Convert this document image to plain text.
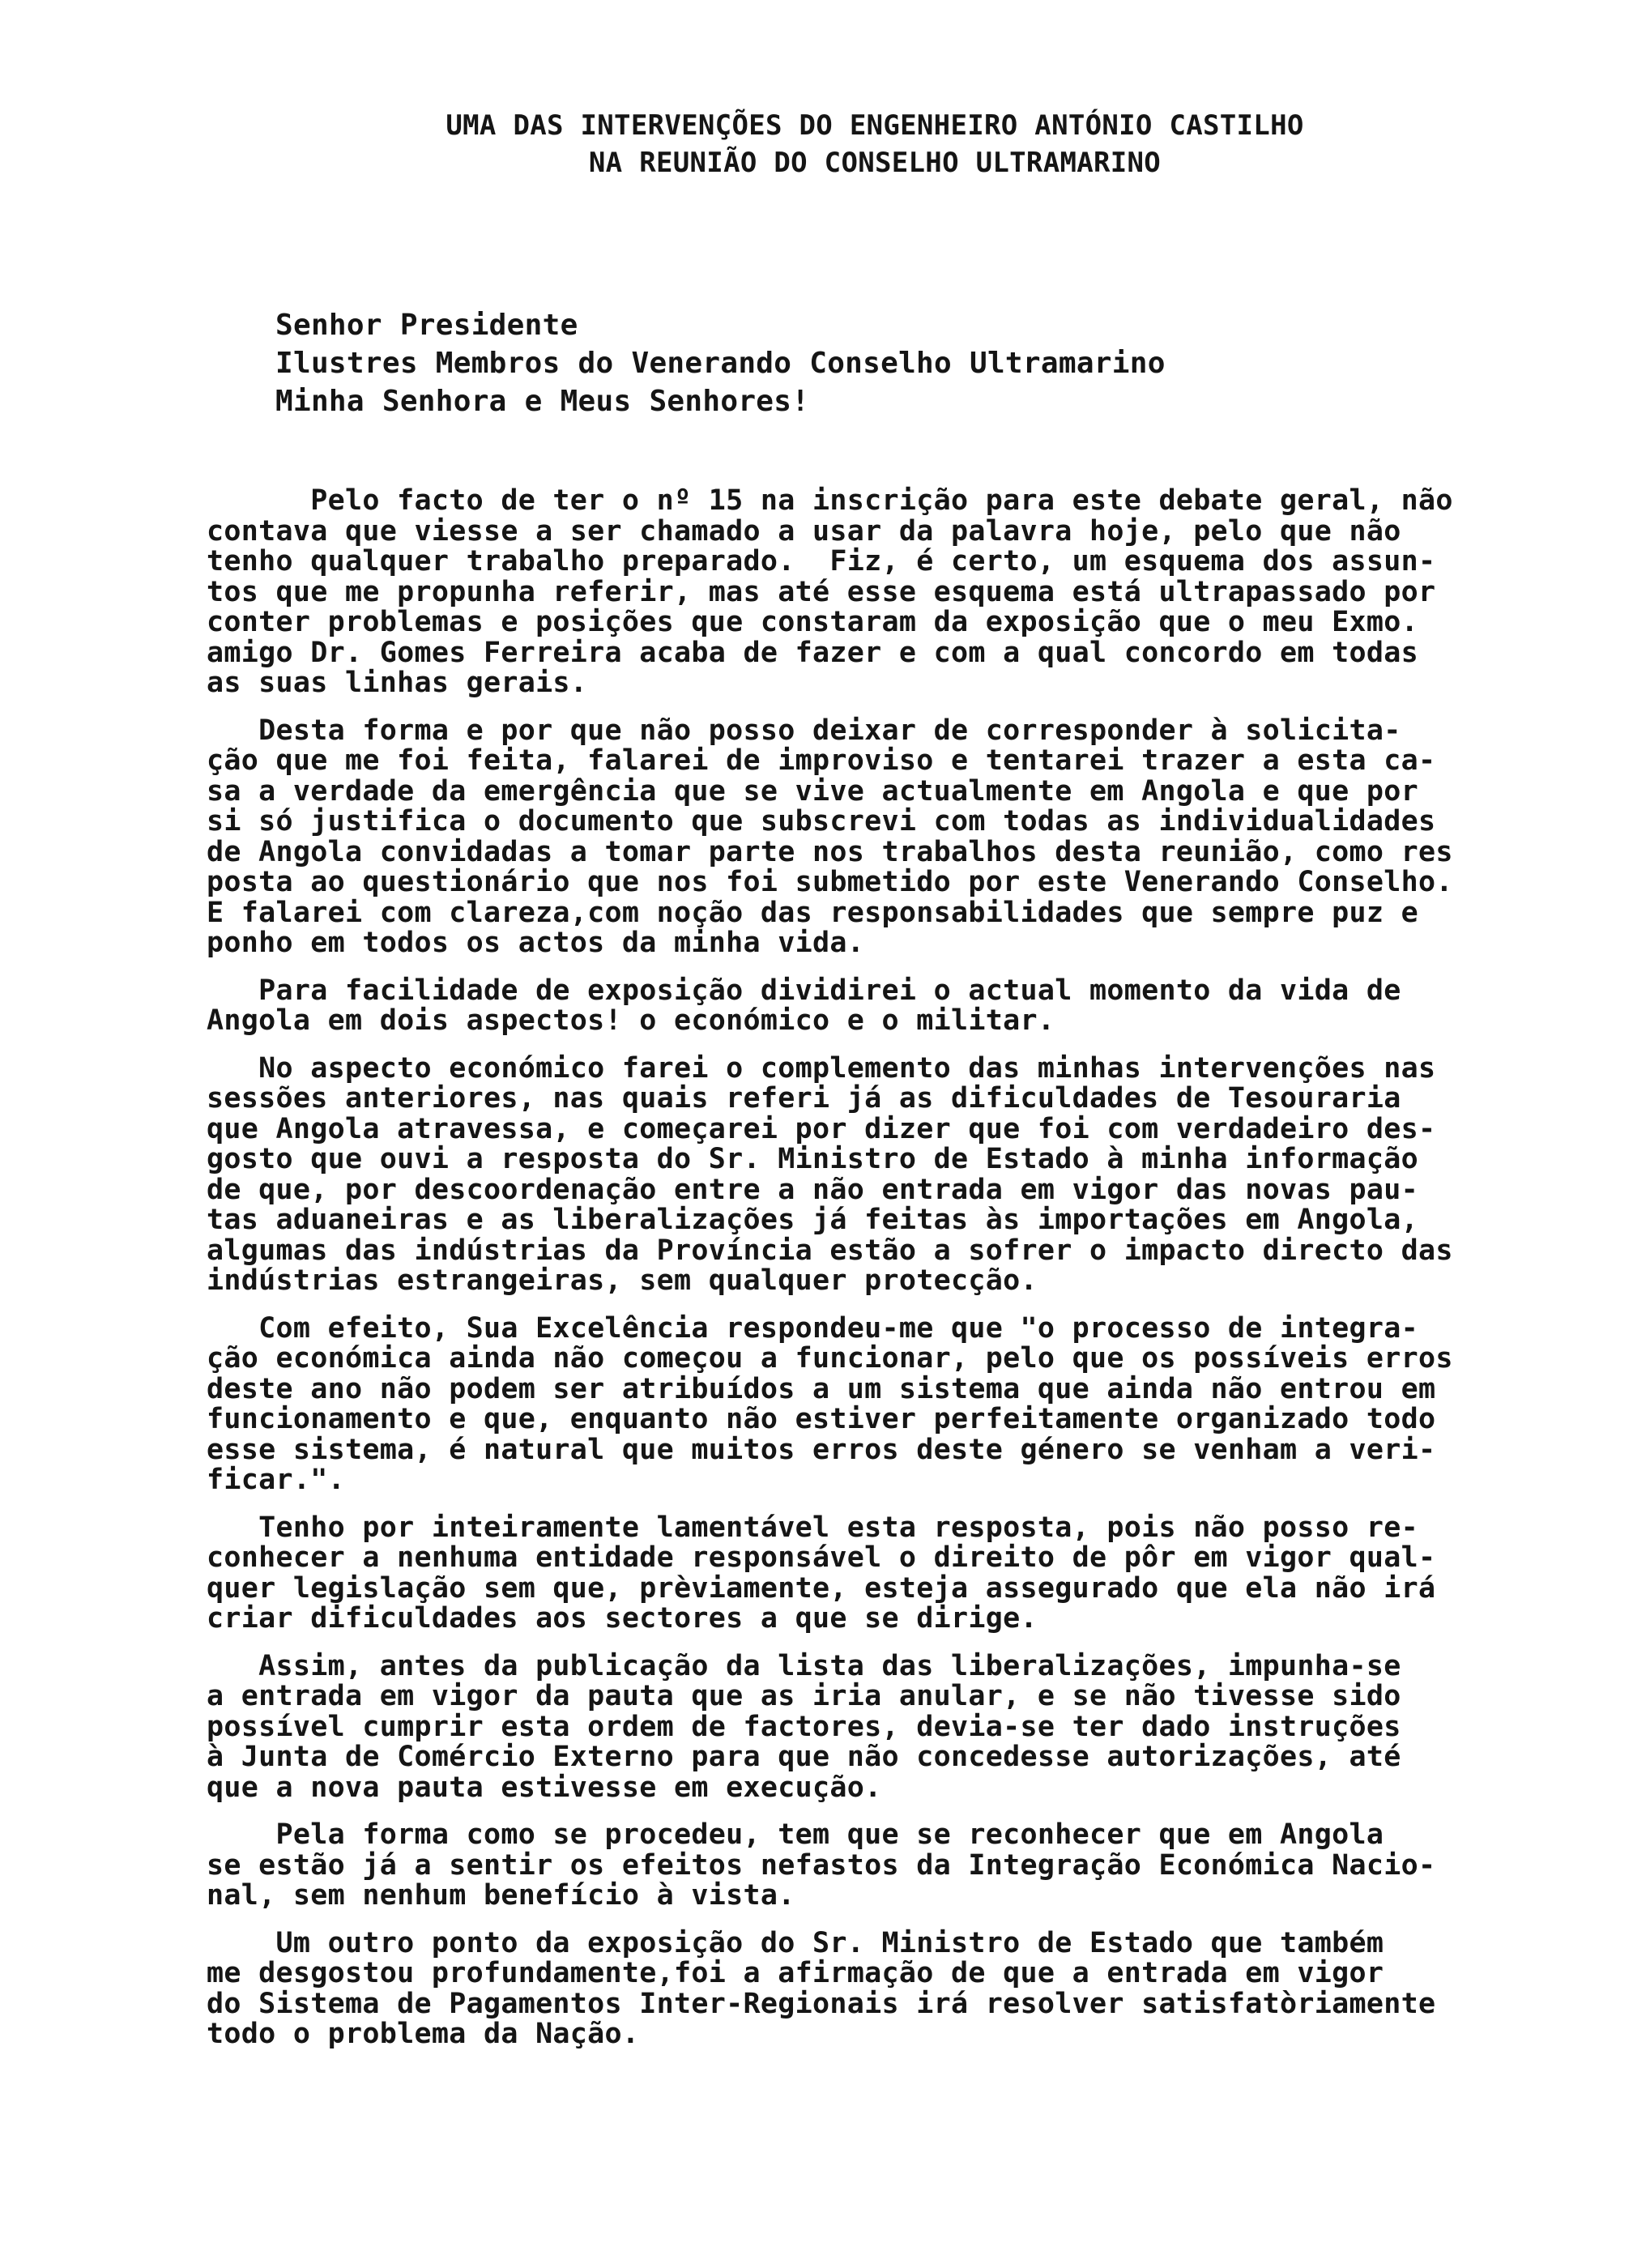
UMA DAS INTERVENÇÕES DO ENGENHEIRO ANTÓNIO CASTILHO
NA REUNIÃO DO CONSELHO ULTRAMARINO
Senhor Presidente
Ilustres Membros do Venerando Conselho Ultramarino
Minha Senhora e Meus Senhores!
Pelo facto de ter o nº 15 na inscrição para este debate geral, não
contava que viesse a ser chamado a usar da palavra hoje, pelo que não
tenho qualquer trabalho preparado.  Fiz, é certo, um esquema dos assun-
tos que me propunha referir, mas até esse esquema está ultrapassado por
conter problemas e posições que constaram da exposição que o meu Exmo.
amigo Dr. Gomes Ferreira acaba de fazer e com a qual concordo em todas
as suas linhas gerais.
Desta forma e por que não posso deixar de corresponder à solicita-
ção que me foi feita, falarei de improviso e tentarei trazer a esta ca-
sa a verdade da emergência que se vive actualmente em Angola e que por
si só justifica o documento que subscrevi com todas as individualidades
de Angola convidadas a tomar parte nos trabalhos desta reunião, como res
posta ao questionário que nos foi submetido por este Venerando Conselho.
E falarei com clareza,com noção das responsabilidades que sempre puz e
ponho em todos os actos da minha vida.
Para facilidade de exposição dividirei o actual momento da vida de
Angola em dois aspectos! o económico e o militar.
No aspecto económico farei o complemento das minhas intervenções nas
sessões anteriores, nas quais referi já as dificuldades de Tesouraria
que Angola atravessa, e começarei por dizer que foi com verdadeiro des-
gosto que ouvi a resposta do Sr. Ministro de Estado à minha informação
de que, por descoordenação entre a não entrada em vigor das novas pau-
tas aduaneiras e as liberalizações já feitas às importações em Angola,
algumas das indústrias da Província estão a sofrer o impacto directo das
indústrias estrangeiras, sem qualquer protecção.
Com efeito, Sua Excelência respondeu-me que "o processo de integra-
ção económica ainda não começou a funcionar, pelo que os possíveis erros
deste ano não podem ser atribuídos a um sistema que ainda não entrou em
funcionamento e que, enquanto não estiver perfeitamente organizado todo
esse sistema, é natural que muitos erros deste género se venham a veri-
ficar.".
Tenho por inteiramente lamentável esta resposta, pois não posso re-
conhecer a nenhuma entidade responsável o direito de pôr em vigor qual-
quer legislação sem que, prèviamente, esteja assegurado que ela não irá
criar dificuldades aos sectores a que se dirige.
Assim, antes da publicação da lista das liberalizações, impunha-se
a entrada em vigor da pauta que as iria anular, e se não tivesse sido
possível cumprir esta ordem de factores, devia-se ter dado instruções
à Junta de Comércio Externo para que não concedesse autorizações, até
que a nova pauta estivesse em execução.
Pela forma como se procedeu, tem que se reconhecer que em Angola
se estão já a sentir os efeitos nefastos da Integração Económica Nacio-
nal, sem nenhum benefício à vista.
Um outro ponto da exposição do Sr. Ministro de Estado que também
me desgostou profundamente,foi a afirmação de que a entrada em vigor
do Sistema de Pagamentos Inter-Regionais irá resolver satisfatòriamente
todo o problema da Nação.
